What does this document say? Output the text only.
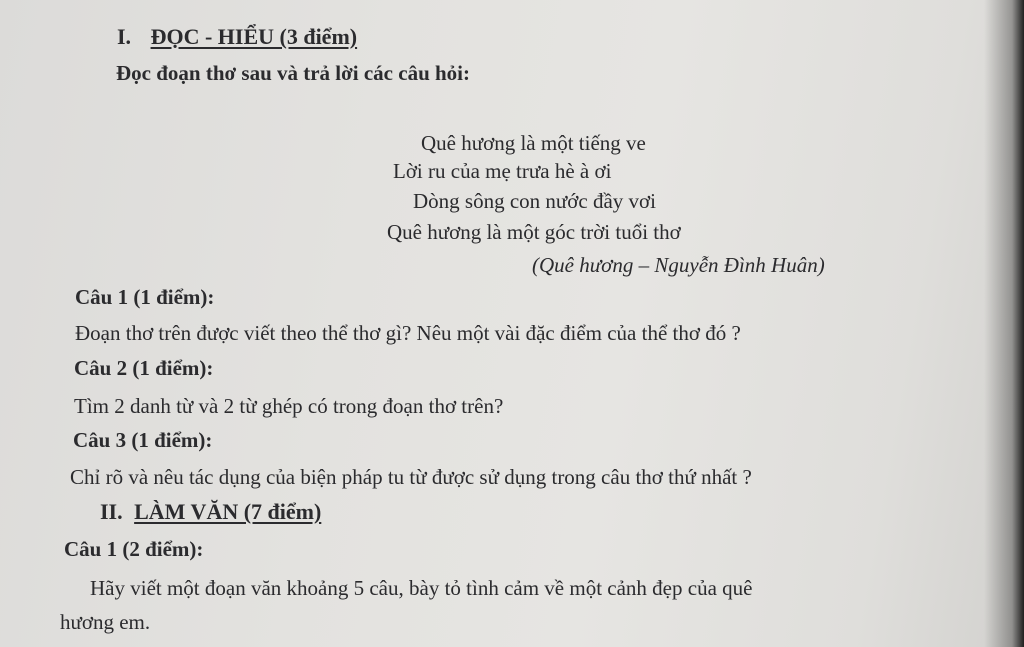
I. ĐỌC - HIỂU (3 điểm)
Đọc đoạn thơ sau và trả lời các câu hỏi:
Quê hương là một tiếng ve
Lời ru của mẹ trưa hè à ơi
Dòng sông con nước đầy vơi
Quê hương là một góc trời tuổi thơ
(Quê hương – Nguyễn Đình Huân)
Câu 1 (1 điểm):
Đoạn thơ trên được viết theo thể thơ gì? Nêu một vài đặc điểm của thể thơ đó ?
Câu 2 (1 điểm):
Tìm 2 danh từ và 2 từ ghép có trong đoạn thơ trên?
Câu 3 (1 điểm):
Chỉ rõ và nêu tác dụng của biện pháp tu từ được sử dụng trong câu thơ thứ nhất ?
II. LÀM VĂN (7 điểm)
Câu 1 (2 điểm):
Hãy viết một đoạn văn khoảng 5 câu, bày tỏ tình cảm về một cảnh đẹp của quê
hương em.
